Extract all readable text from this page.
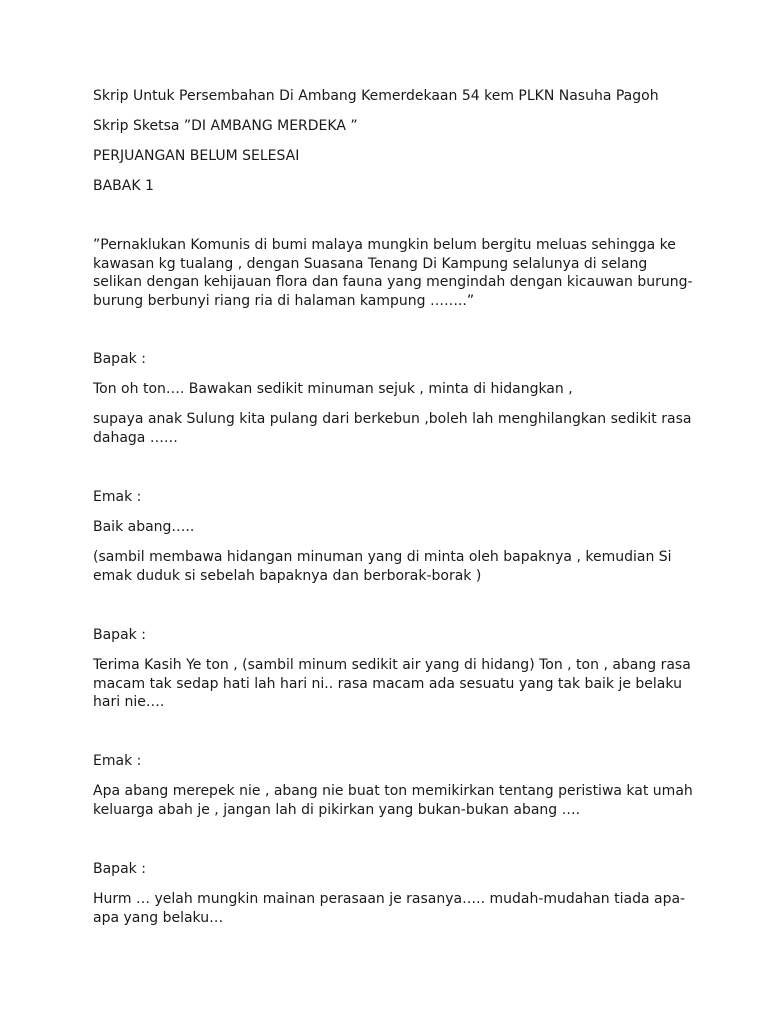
Skrip Untuk Persembahan Di Ambang Kemerdekaan 54 kem PLKN Nasuha Pagoh

Skrip Sketsa ”DI AMBANG MERDEKA ”

PERJUANGAN BELUM SELESAI

BABAK 1

”Pernaklukan Komunis di bumi malaya mungkin belum bergitu meluas sehingga ke kawasan kg tualang , dengan Suasana Tenang Di Kampung selalunya di selang selikan dengan kehijauan flora dan fauna yang mengindah dengan kicauwan burung-burung berbunyi riang ria di halaman kampung ……..”

Bapak :

Ton oh ton…. Bawakan sedikit minuman sejuk , minta di hidangkan ,

supaya anak Sulung kita pulang dari berkebun ,boleh lah menghilangkan sedikit rasa dahaga ……

Emak :

Baik abang…..

(sambil membawa hidangan minuman yang di minta oleh bapaknya , kemudian Si emak duduk si sebelah bapaknya dan berborak-borak )

Bapak :

Terima Kasih Ye ton , (sambil minum sedikit air yang di hidang) Ton , ton , abang rasa macam tak sedap hati lah hari ni.. rasa macam ada sesuatu yang tak baik je belaku hari nie….

Emak :

Apa abang merepek nie , abang nie buat ton memikirkan tentang peristiwa kat umah keluarga abah je , jangan lah di pikirkan yang bukan-bukan abang ….

Bapak :

Hurm … yelah mungkin mainan perasaan je rasanya….. mudah-mudahan tiada apa-apa yang belaku…
